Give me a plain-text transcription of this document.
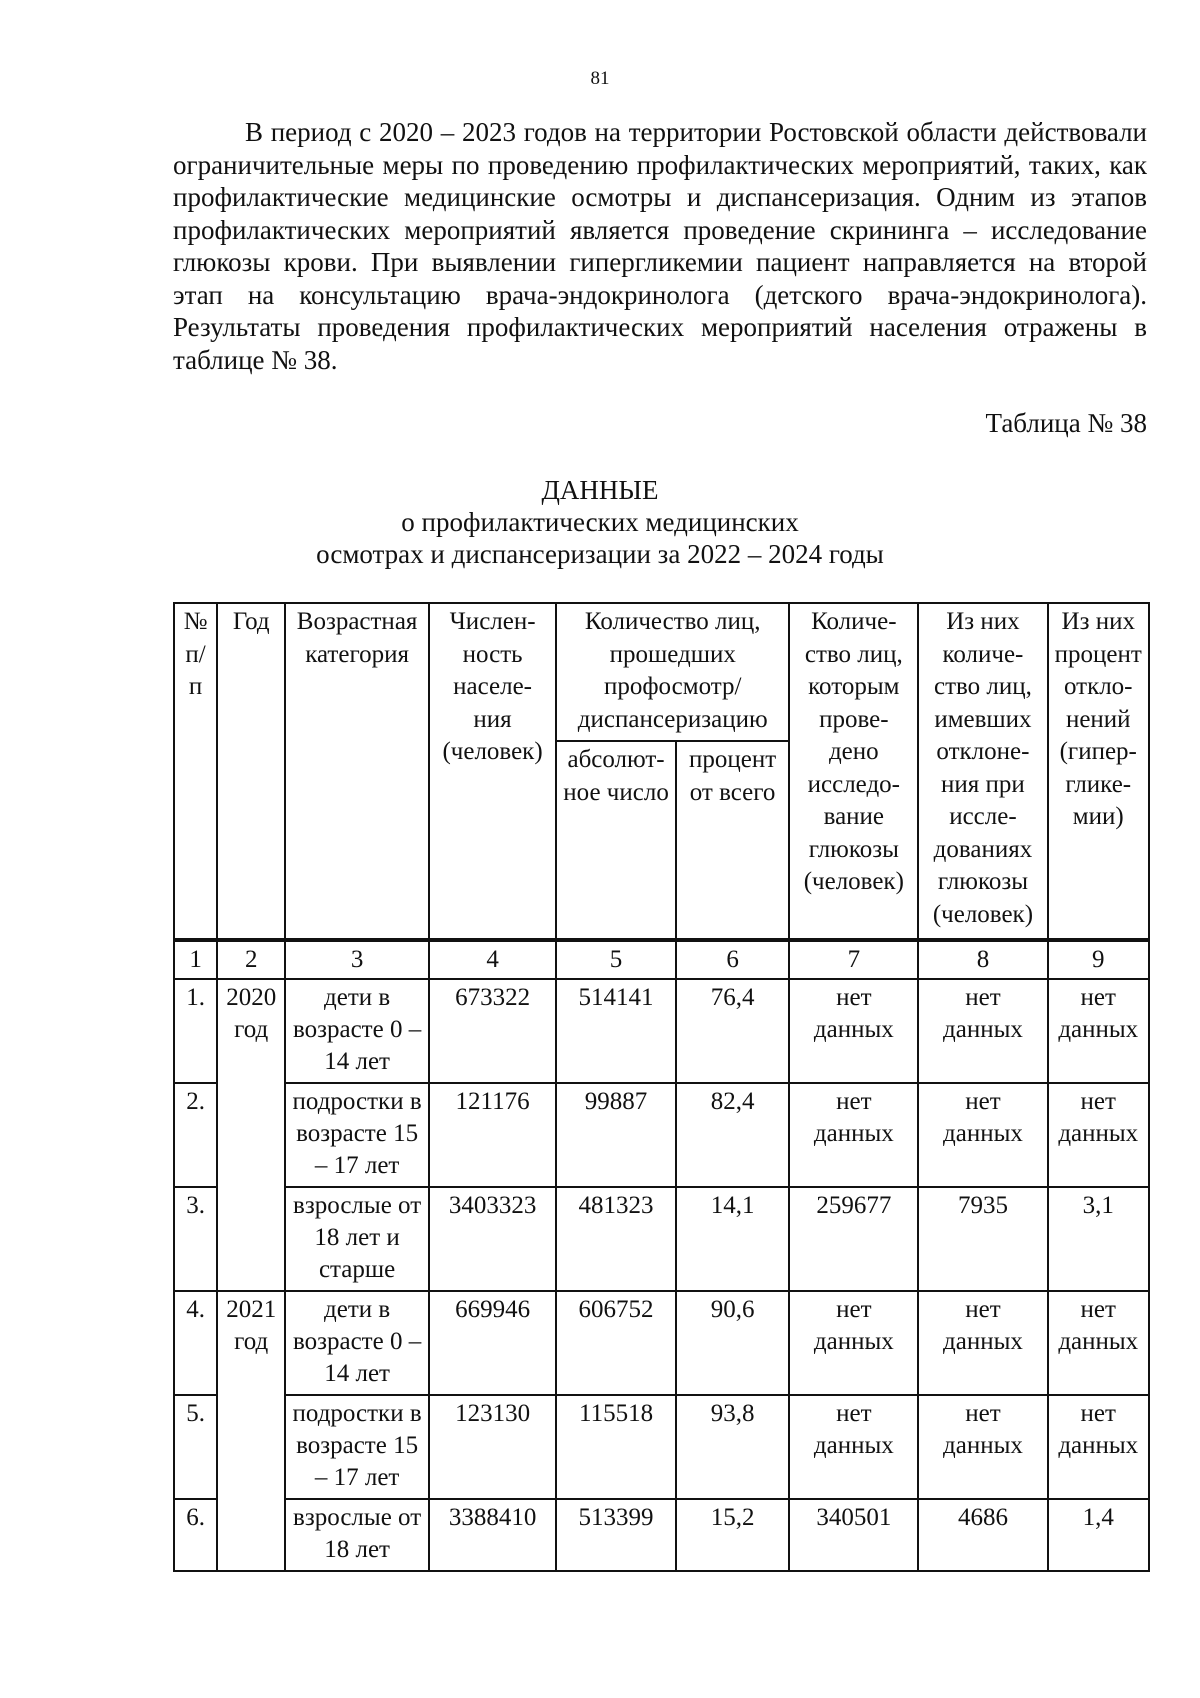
81
В период с 2020 – 2023 годов на территории Ростовской области действовали ограничительные меры по проведению профилактических мероприятий, таких, как профилактические медицинские осмотры и диспансеризация. Одним из этапов профилактических мероприятий является проведение скрининга – исследование глюкозы крови. При выявлении гипергликемии пациент направляется на второй этап на консультацию врача-эндокринолога (детского врача-эндокринолога). Результаты проведения профилактических мероприятий населения отражены в таблице № 38.
Таблица № 38
ДАННЫЕ
о профилактических медицинских
осмотрах и диспансеризации за 2022 – 2024 годы
№ п/ п	Год	Возрастная категория	Числен- ность населе- ния (человек)	Количество лиц, прошедших профосмотр/ диспансеризацию		Количе- ство лиц, которым прове- дено исследо- вание глюкозы (человек)	Из них количе- ство лиц, имевших отклоне- ния при иссле- дованиях глюкозы (человек)	Из них процент откло- нений (гипер- глике- мии)
				абсолют- ное число	процент от всего			
1	2	3	4	5	6	7	8	9
1.	2020 год	дети в возрасте 0 – 14 лет	673322	514141	76,4	нет данных	нет данных	нет данных
2.		подростки в возрасте 15 – 17 лет	121176	99887	82,4	нет данных	нет данных	нет данных
3.		взрослые от 18 лет и старше	3403323	481323	14,1	259677	7935	3,1
4.	2021 год	дети в возрасте 0 – 14 лет	669946	606752	90,6	нет данных	нет данных	нет данных
5.		подростки в возрасте 15 – 17 лет	123130	115518	93,8	нет данных	нет данных	нет данных
6.		взрослые от 18 лет	3388410	513399	15,2	340501	4686	1,4
